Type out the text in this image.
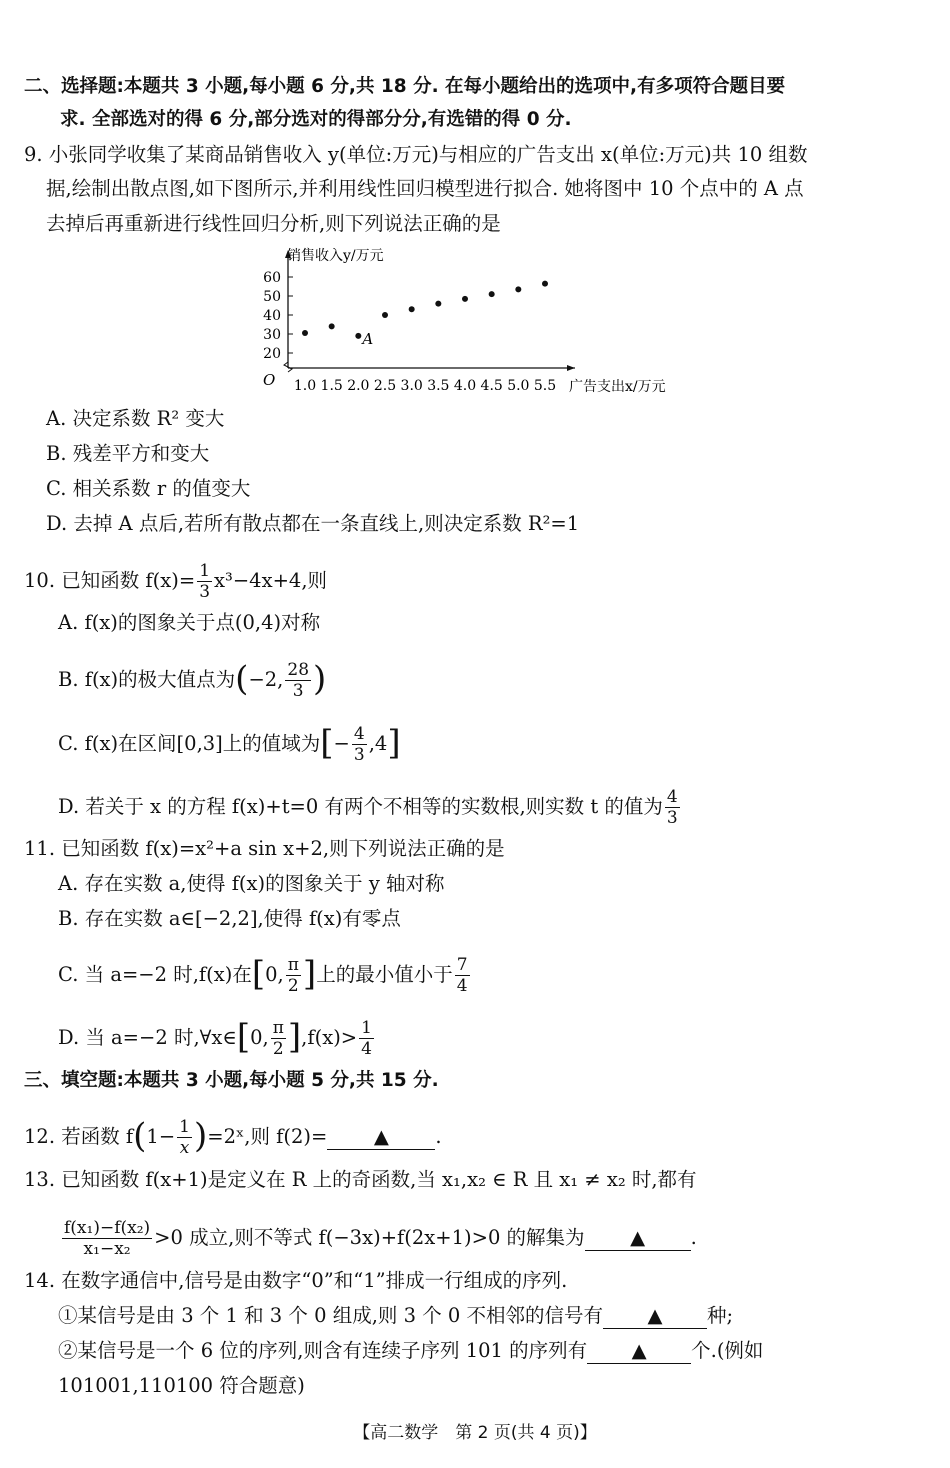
二、选择题:本题共 3 小题,每小题 6 分,共 18 分. 在每小题给出的选项中,有多项符合题目要
求. 全部选对的得 6 分,部分选对的得部分分,有选错的得 0 分.
9. 小张同学收集了某商品销售收入 y(单位:万元)与相应的广告支出 x(单位:万元)共 10 组数
据,绘制出散点图,如下图所示,并利用线性回归模型进行拟合. 她将图中 10 个点中的 A 点
去掉后再重新进行线性回归分析,则下列说法正确的是
销售收入y/万元
广告支出x/万元
O 1.0 1.5 2.0 2.5 3.0 3.5 4.0 4.5 5.0 5.5
20
30
40
50
60
A
A. 决定系数 R² 变大
B. 残差平方和变大
C. 相关系数 r 的值变大
D. 去掉 A 点后,若所有散点都在一条直线上,则决定系数 R²=1
10. 已知函数 $f(x)= \frac{1}{3} x^3-4x+4$,则
A. f(x)的图象关于点(0,4)对称
B. f(x)的极大值点为(−2, $\frac{28}{3}$ )
C. f(x)在区间[0,3]上的值域为[− $\frac{4}{3} ,4$]
D. 若关于 x 的方程 f(x)+t=0 有两个不相等的实数根,则实数 t 的值为 $\frac{4}{3}$
11. 已知函数 f(x)=x²+a sin x+2,则下列说法正确的是
A. 存在实数 a,使得 f(x)的图象关于 y 轴对称
B. 存在实数 a∈[−2,2],使得 f(x)有零点
C. 当 a=−2 时,f(x)在[0, $\frac{\pi}{2}$ ]上的最小值小于 $\frac{7}{4}$
D. 当 a=−2 时,∀x∈[0, $\frac{\pi}{2} ],f(x)> \frac{1}{4}$
三、填空题:本题共 3 小题,每小题 5 分,共 15 分.
12. 若函数 $f(1- \frac{1}{x}$ )=2ˣ,则 f(2)= ▲ .
13. 已知函数 f(x+1)是定义在 R 上的奇函数,当 x₁,x₂ ∈ R 且 x₁ ≠ x₂ 时,都有
$\frac{\text{f(x₁)−f(x₂)}}{\text{x₁−x₂}} >0$ 成立,则不等式 f(−3x)+f(2x+1)>0 的解集为 ▲ .
14. 在数字通信中,信号是由数字“0”和“1”排成一行组成的序列.
①某信号是由 3 个 1 和 3 个 0 组成,则 3 个 0 不相邻的信号有 ▲ 种;
②某信号是一个 6 位的序列,则含有连续子序列 101 的序列有 ▲ 个.(例如
101001,110100 符合题意)
【高二数学　第 2 页(共 4 页)】
